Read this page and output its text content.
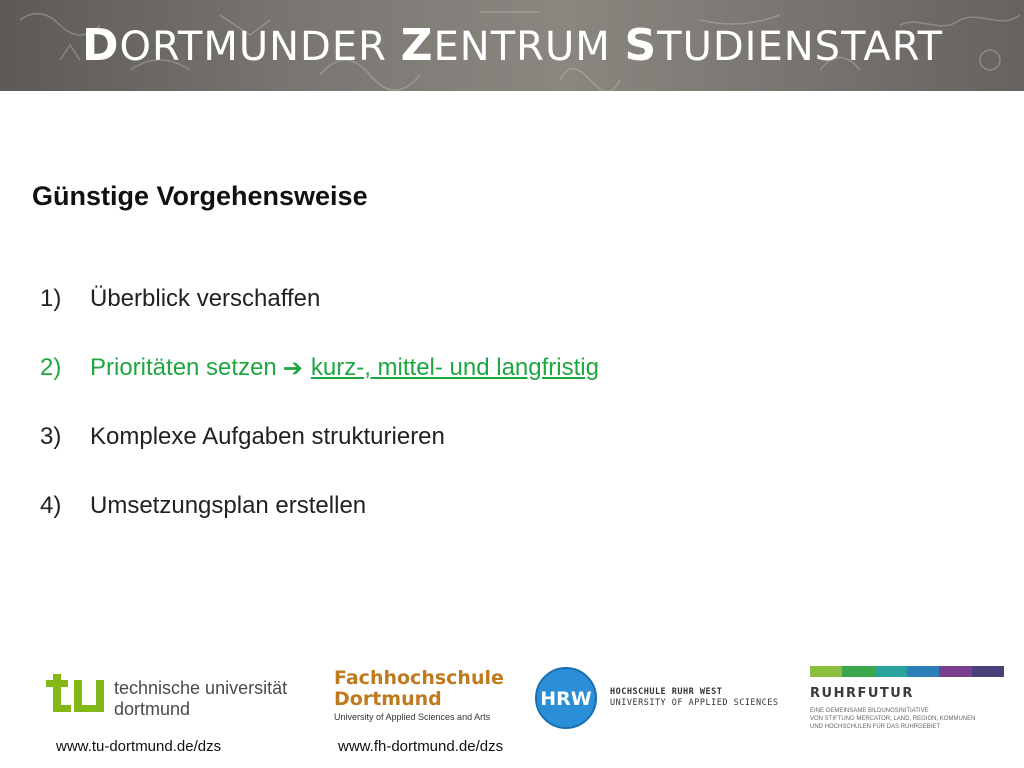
DORTMUNDER ZENTRUM STUDIENSTART
Günstige Vorgehensweise
1)	Überblick verschaffen
2)	Prioritäten setzen ➔ kurz-, mittel- und langfristig
3)	Komplexe Aufgaben strukturieren
4)	Umsetzungsplan erstellen
technische universität
dortmund
Fachhochschule
Dortmund
University of Applied Sciences and Arts
HRW HOCHSCHULE RUHR WEST
UNIVERSITY OF APPLIED SCIENCES
RUHRFUTUR
EINE GEMEINSAME BILDUNGSINITIATIVE
VON STIFTUNG MERCATOR, LAND, REGION, KOMMUNEN
UND HOCHSCHULEN FÜR DAS RUHRGEBIET
www.tu-dortmund.de/dzs	www.fh-dortmund.de/dzs
